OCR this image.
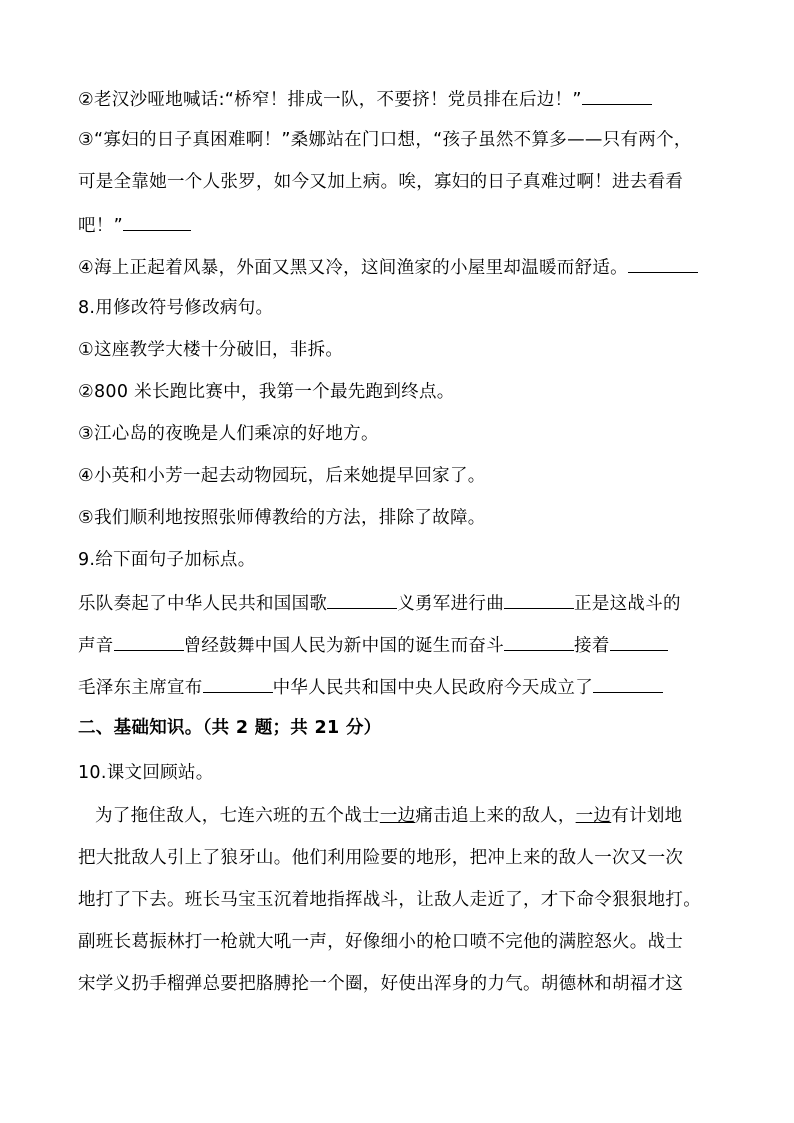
②老汉沙哑地喊话:“桥窄！排成一队，不要挤！党员排在后边！”
③“寡妇的日子真困难啊！”桑娜站在门口想，“孩子虽然不算多——只有两个，
可是全靠她一个人张罗，如今又加上病。唉，寡妇的日子真难过啊！进去看看
吧！”
④海上正起着风暴，外面又黑又冷，这间渔家的小屋里却温暖而舒适。
8.用修改符号修改病句。
①这座教学大楼十分破旧，非拆。
②800 米长跑比赛中，我第一个最先跑到终点。
③江心岛的夜晚是人们乘凉的好地方。
④小英和小芳一起去动物园玩，后来她提早回家了。
⑤我们顺利地按照张师傅教给的方法，排除了故障。
9.给下面句子加标点。
乐队奏起了中华人民共和国国歌	义勇军进行曲	正是这战斗的
声音	曾经鼓舞中国人民为新中国的诞生而奋斗	接着
毛泽东主席宣布	中华人民共和国中央人民政府今天成立了
二、基础知识。（共 2 题；共 21 分）
10.课文回顾站。
为了拖住敌人，七连六班的五个战士一边痛击追上来的敌人，一边有计划地
把大批敌人引上了狼牙山。他们利用险要的地形，把冲上来的敌人一次又一次
地打了下去。班长马宝玉沉着地指挥战斗，让敌人走近了，才下命令狠狠地打。
副班长葛振林打一枪就大吼一声，好像细小的枪口喷不完他的满腔怒火。战士
宋学义扔手榴弹总要把胳膊抡一个圈，好使出浑身的力气。胡德林和胡福才这
